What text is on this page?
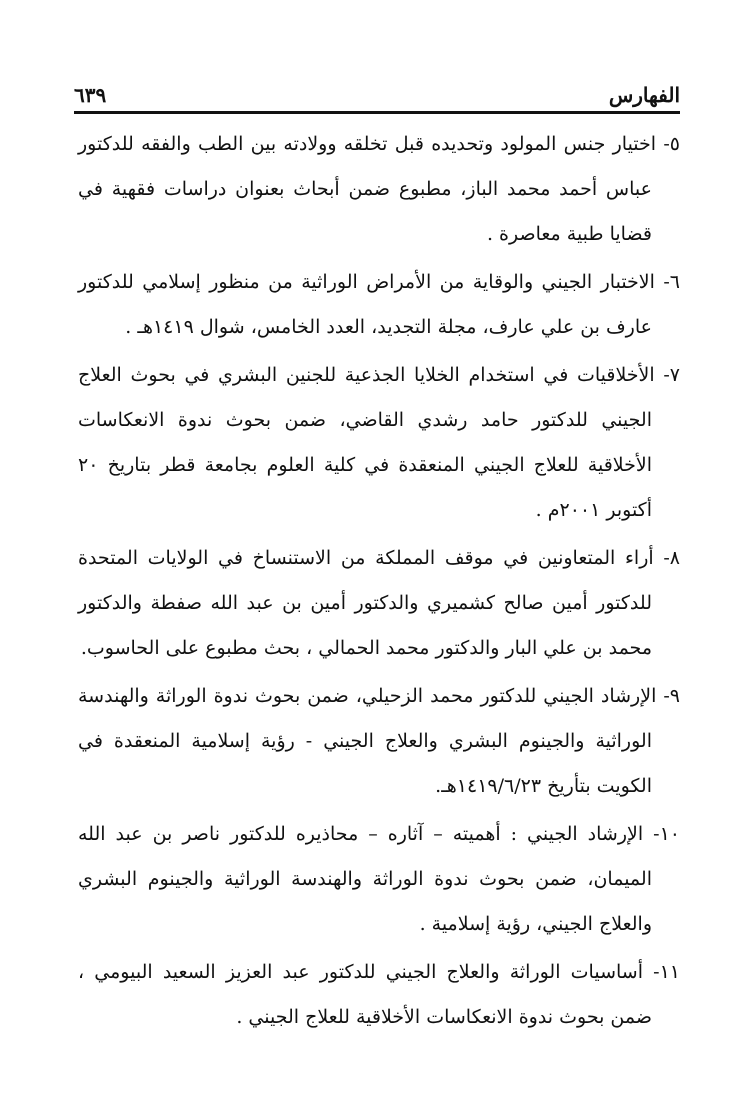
الفهارس
٦٣٩
٥- اختيار جنس المولود وتحديده قبل تخلقه وولادته بين الطب والفقه للدكتور عباس أحمد محمد الباز، مطبوع ضمن أبحاث بعنوان دراسات فقهية في قضايا طبية معاصرة .
٦- الاختبار الجيني والوقاية من الأمراض الوراثية من منظور إسلامي للدكتور عارف بن علي عارف، مجلة التجديد، العدد الخامس، شوال ١٤١٩هـ .
٧- الأخلاقيات في استخدام الخلايا الجذعية للجنين البشري في بحوث العلاج الجيني للدكتور حامد رشدي القاضي، ضمن بحوث ندوة الانعكاسات الأخلاقية للعلاج الجيني المنعقدة في كلية العلوم بجامعة قطر بتاريخ ٢٠ أكتوبر ٢٠٠١م .
٨- أراء المتعاونين في موقف المملكة من الاستنساخ في الولايات المتحدة للدكتور أمين صالح كشميري والدكتور أمين بن عبد الله صفطة والدكتور محمد بن علي البار والدكتور محمد الحمالي ، بحث مطبوع على الحاسوب.
٩- الإرشاد الجيني للدكتور محمد الزحيلي، ضمن بحوث ندوة الوراثة والهندسة الوراثية والجينوم البشري والعلاج الجيني - رؤية إسلامية المنعقدة في الكويت بتأريخ ١٤١٩/٦/٢٣هـ.
١٠- الإرشاد الجيني : أهميته – آثاره – محاذيره للدكتور ناصر بن عبد الله الميمان، ضمن بحوث ندوة الوراثة والهندسة الوراثية والجينوم البشري والعلاج الجيني، رؤية إسلامية .
١١- أساسيات الوراثة والعلاج الجيني للدكتور عبد العزيز السعيد البيومي ، ضمن بحوث ندوة الانعكاسات الأخلاقية للعلاج الجيني .
